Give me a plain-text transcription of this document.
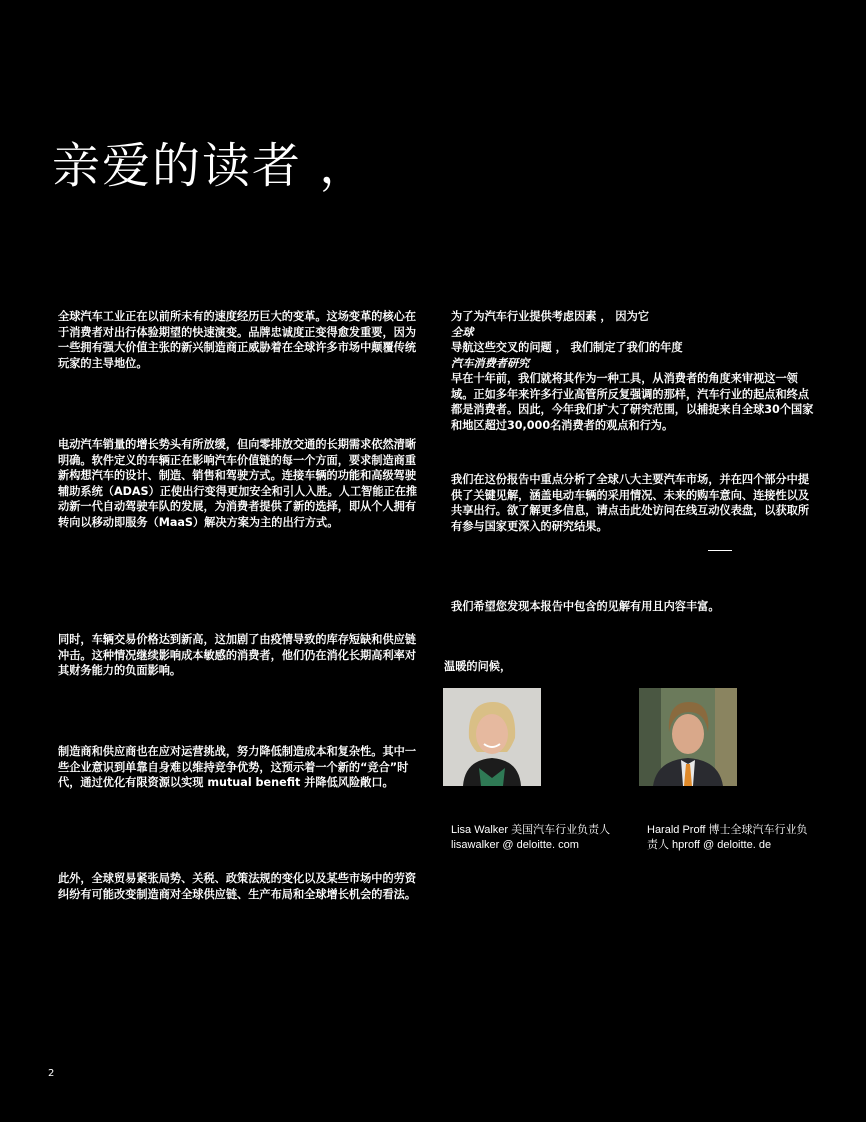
亲爱的读者 ，

全球汽车工业正在以前所未有的速度经历巨大的变革。这场变革的核心在于消费者对出行体验期望的快速演变。品牌忠诚度正变得愈发重要，因为一些拥有强大价值主张的新兴制造商正威胁着在全球许多市场中颠覆传统玩家的主导地位。

电动汽车销量的增长势头有所放缓，但向零排放交通的长期需求依然清晰明确。软件定义的车辆正在影响汽车价值链的每一个方面，要求制造商重新构想汽车的设计、制造、销售和驾驶方式。连接车辆的功能和高级驾驶辅助系统（ADAS）正使出行变得更加安全和引人入胜。人工智能正在推动新一代自动驾驶车队的发展，为消费者提供了新的选择，即从个人拥有转向以移动即服务（MaaS）解决方案为主的出行方式。

同时，车辆交易价格达到新高，这加剧了由疫情导致的库存短缺和供应链冲击。这种情况继续影响成本敏感的消费者，他们仍在消化长期高利率对其财务能力的负面影响。

制造商和供应商也在应对运营挑战，努力降低制造成本和复杂性。其中一些企业意识到单靠自身难以维持竞争优势，这预示着一个新的“竞合”时代，通过优化有限资源以实现 mutual benefit 并降低风险敞口。

此外，全球贸易紧张局势、关税、政策法规的变化以及某些市场中的劳资纠纷有可能改变制造商对全球供应链、生产布局和全球增长机会的看法。

为了为汽车行业提供考虑因素 ， 因为它
全球
导航这些交叉的问题 ， 我们制定了我们的年度
汽车消费者研究
早在十年前，我们就将其作为一种工具，从消费者的角度来审视这一领域。正如多年来许多行业高管所反复强调的那样，汽车行业的起点和终点都是消费者。因此，今年我们扩大了研究范围，以捕捉来自全球30个国家和地区超过30,000名消费者的观点和行为。

我们在这份报告中重点分析了全球八大主要汽车市场，并在四个部分中提供了关键见解，涵盖电动车辆的采用情况、未来的购车意向、连接性以及共享出行。欲了解更多信息，请点击此处访问在线互动仪表盘，以获取所有参与国家更深入的研究结果。

我们希望您发现本报告中包含的见解有用且内容丰富。

温暖的问候，

Lisa Walker 美国汽车行业负责人 lisawalker @ deloitte. com

Harald Proff 博士全球汽车行业负责人 hproff @ deloitte. de

2
